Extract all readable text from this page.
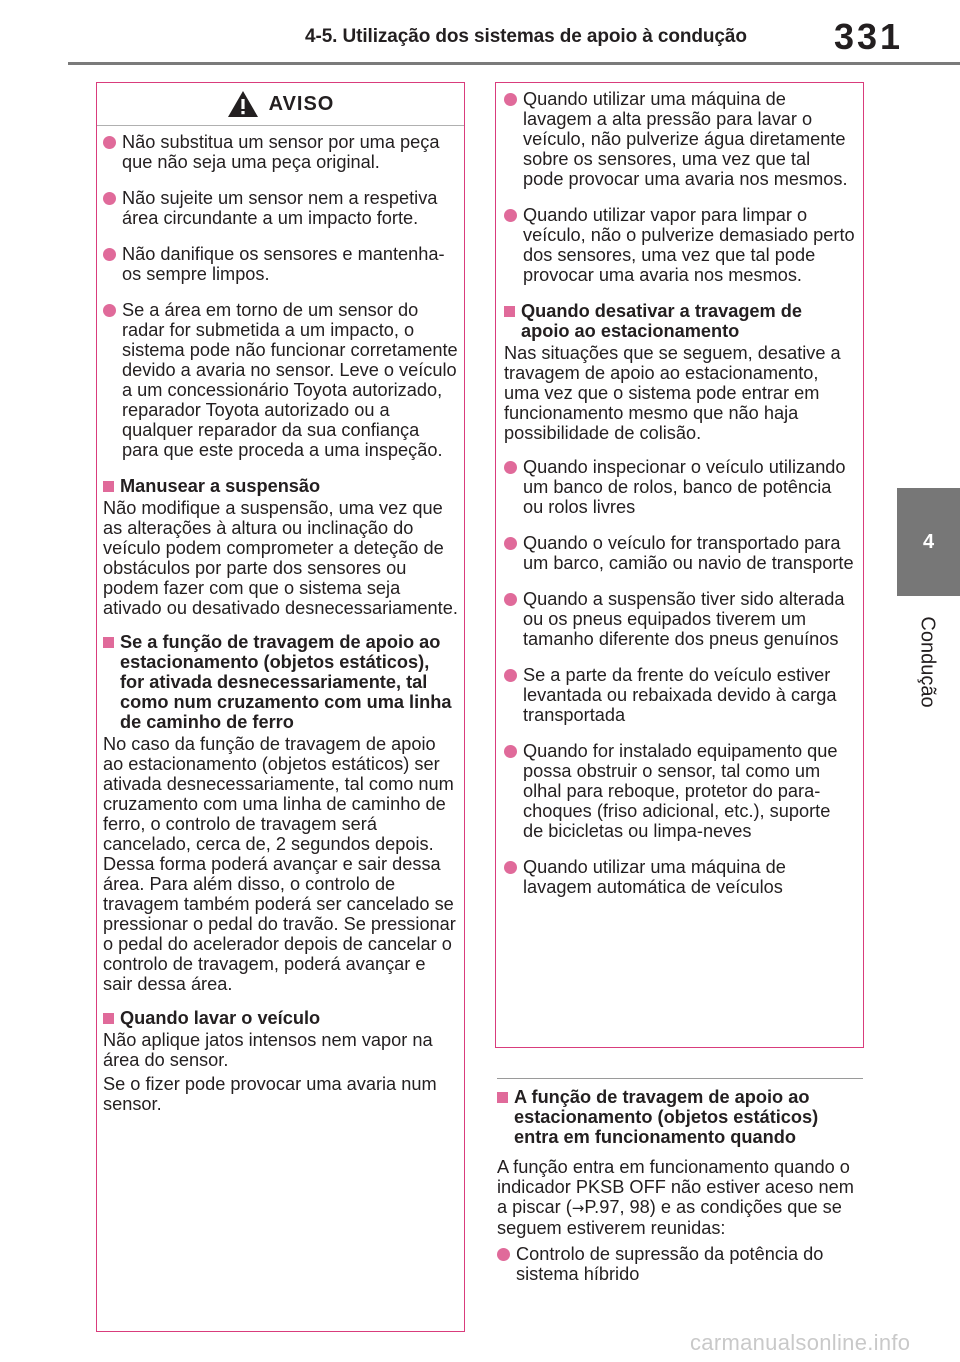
4-5. Utilização dos sistemas de apoio à condução 331
4
Condução
AVISO
Não substitua um sensor por uma peça que não seja uma peça original.
Não sujeite um sensor nem a respetiva área circundante a um impacto forte.
Não danifique os sensores e mantenha-os sempre limpos.
Se a área em torno de um sensor do radar for submetida a um impacto, o sistema pode não funcionar corretamente devido a avaria no sensor. Leve o veículo a um concessionário Toyota autorizado, reparador Toyota autorizado ou a qualquer reparador da sua confiança para que este proceda a uma inspeção.
Manusear a suspensão
Não modifique a suspensão, uma vez que as alterações à altura ou inclinação do veículo podem comprometer a deteção de obstáculos por parte dos sensores ou podem fazer com que o sistema seja ativado ou desativado desnecessariamente.
Se a função de travagem de apoio ao estacionamento (objetos estáticos), for ativada desnecessariamente, tal como num cruzamento com uma linha de caminho de ferro
No caso da função de travagem de apoio ao estacionamento (objetos estáticos) ser ativada desnecessariamente, tal como num cruzamento com uma linha de caminho de ferro, o controlo de travagem será cancelado, cerca de, 2 segundos depois. Dessa forma poderá avançar e sair dessa área. Para além disso, o controlo de travagem também poderá ser cancelado se pressionar o pedal do travão. Se pressionar o pedal do acelerador depois de cancelar o controlo de travagem, poderá avançar e sair dessa área.
Quando lavar o veículo
Não aplique jatos intensos nem vapor na área do sensor.
Se o fizer pode provocar uma avaria num sensor.
Quando utilizar uma máquina de lavagem a alta pressão para lavar o veículo, não pulverize água diretamente sobre os sensores, uma vez que tal pode provocar uma avaria nos mesmos.
Quando utilizar vapor para limpar o veículo, não o pulverize demasiado perto dos sensores, uma vez que tal pode provocar uma avaria nos mesmos.
Quando desativar a travagem de apoio ao estacionamento
Nas situações que se seguem, desative a travagem de apoio ao estacionamento, uma vez que o sistema pode entrar em funcionamento mesmo que não haja possibilidade de colisão.
Quando inspecionar o veículo utilizando um banco de rolos, banco de potência ou rolos livres
Quando o veículo for transportado para um barco, camião ou navio de transporte
Quando a suspensão tiver sido alterada ou os pneus equipados tiverem um tamanho diferente dos pneus genuínos
Se a parte da frente do veículo estiver levantada ou rebaixada devido à carga transportada
Quando for instalado equipamento que possa obstruir o sensor, tal como um olhal para reboque, protetor do para-choques (friso adicional, etc.), suporte de bicicletas ou limpa-neves
Quando utilizar uma máquina de lavagem automática de veículos
A função de travagem de apoio ao estacionamento (objetos estáticos) entra em funcionamento quando
A função entra em funcionamento quando o indicador PKSB OFF não estiver aceso nem a piscar (→P.97, 98) e as condições que se seguem estiverem reunidas:
Controlo de supressão da potência do sistema híbrido
carmanualsonline.info
